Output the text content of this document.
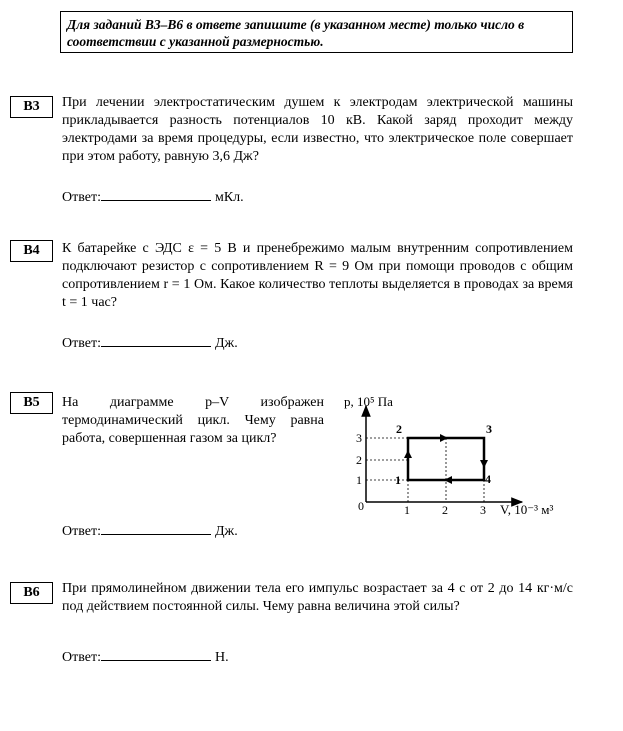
Для заданий В3–В6 в ответе запишите (в указанном месте) только число в соответствии с указанной размерностью.
В3	При лечении электростатическим душем к электродам электрической машины прикладывается разность потенциалов 10 кВ. Какой заряд проходит между электродами за время процедуры, если известно, что электрическое поле совершает при этом работу, равную 3,6 Дж?
Ответ:	мКл.
В4	К батарейке с ЭДС ε = 5 В и пренебрежимо малым внутренним сопротивлением подключают резистор с сопротивлением R = 9 Ом при помощи проводов с общим сопротивлением r = 1 Ом. Какое количество теплоты выделяется в проводах за время t = 1 час?
Ответ:	Дж.
В5	На диаграмме p–V изображен термодинамический цикл. Чему равна работа, совершенная газом за цикл?
Ответ:	Дж.
3
2
1
1	2	3
0
1
2	3
4
p, 10⁵ Па
V, 10⁻³ м³
В6	При прямолинейном движении тела его импульс возрастает за 4 с от 2 до 14 кг·м/с под действием постоянной силы. Чему равна величина этой силы?
Ответ:	Н.
